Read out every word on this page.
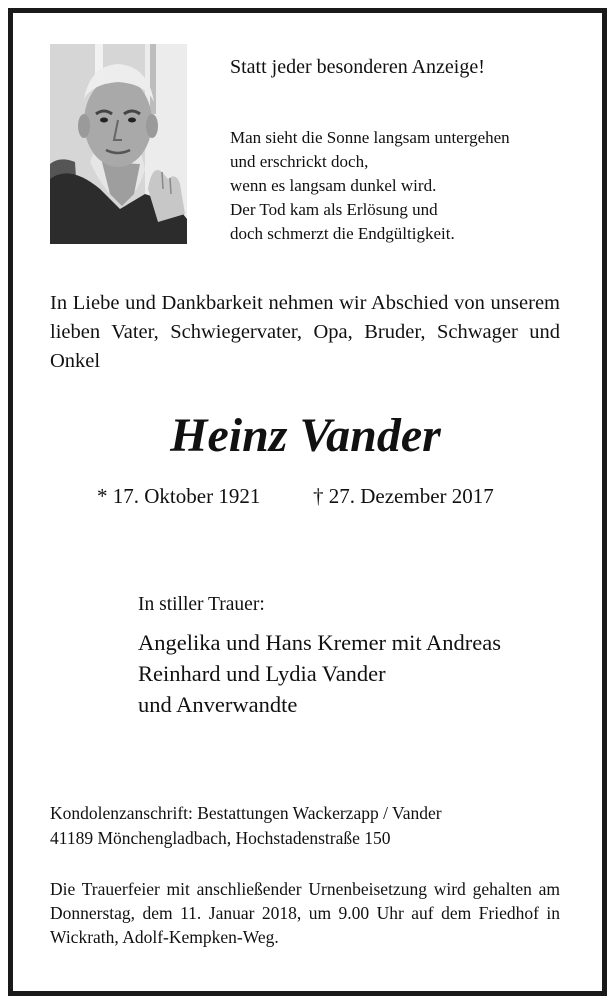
Statt jeder besonderen Anzeige!
Man sieht die Sonne langsam untergehen
und erschrickt doch,
wenn es langsam dunkel wird.
Der Tod kam als Erlösung und
doch schmerzt die Endgültigkeit.
In Liebe und Dankbarkeit nehmen wir Abschied von unserem lieben Vater, Schwiegervater, Opa, Bruder, Schwager und Onkel
Heinz Vander
* 17. Oktober 1921	† 27. Dezember 2017
In stiller Trauer:
Angelika und Hans Kremer mit Andreas
Reinhard und Lydia Vander
und Anverwandte
Kondolenzanschrift: Bestattungen Wackerzapp / Vander
41189 Mönchengladbach, Hochstadenstraße 150
Die Trauerfeier mit anschließender Urnenbeisetzung wird gehalten am Donnerstag, dem 11. Januar 2018, um 9.00 Uhr auf dem Friedhof in Wickrath, Adolf-Kempken-Weg.
